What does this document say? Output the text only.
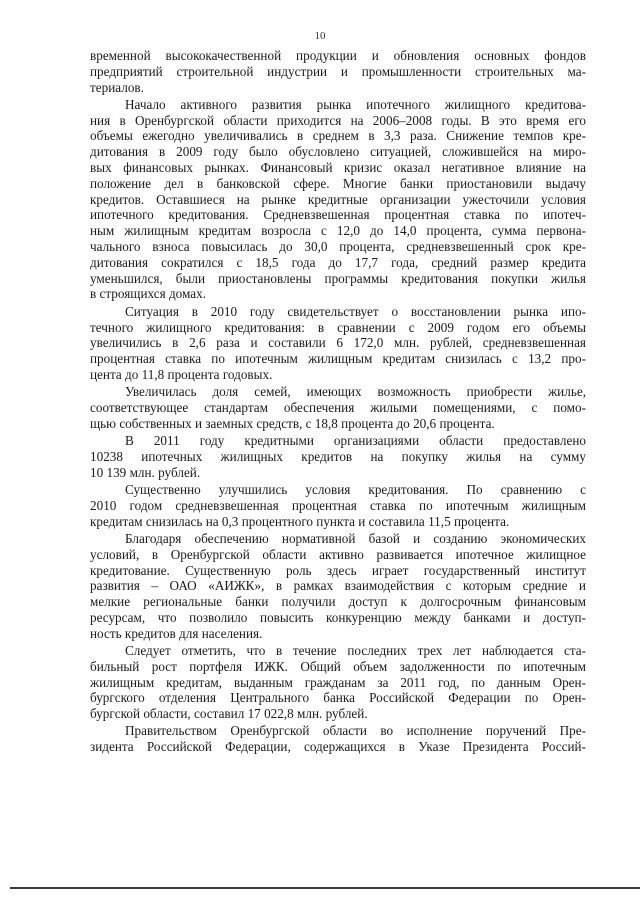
10
временной высококачественной продукции и обновления основных фондов
предприятий строительной индустрии и промышленности строительных ма-
териалов.
Начало активного развития рынка ипотечного жилищного кредитова-
ния в Оренбургской области приходится на 2006–2008 годы. В это время его
объемы ежегодно увеличивались в среднем в 3,3 раза. Снижение темпов кре-
дитования в 2009 году было обусловлено ситуацией, сложившейся на миро-
вых финансовых рынках. Финансовый кризис оказал негативное влияние на
положение дел в банковской сфере. Многие банки приостановили выдачу
кредитов. Оставшиеся на рынке кредитные организации ужесточили условия
ипотечного кредитования. Средневзвешенная процентная ставка по ипотеч-
ным жилищным кредитам возросла с 12,0 до 14,0 процента, сумма первона-
чального взноса повысилась до 30,0 процента, средневзвешенный срок кре-
дитования сократился с 18,5 года до 17,7 года, средний размер кредита
уменьшился, были приостановлены программы кредитования покупки жилья
в строящихся домах.
Ситуация в 2010 году свидетельствует о восстановлении рынка ипо-
течного жилищного кредитования: в сравнении с 2009 годом его объемы
увеличились в 2,6 раза и составили 6 172,0 млн. рублей, средневзвешенная
процентная ставка по ипотечным жилищным кредитам снизилась с 13,2 про-
цента до 11,8 процента годовых.
Увеличилась доля семей, имеющих возможность приобрести жилье,
соответствующее стандартам обеспечения жилыми помещениями, с помо-
щью собственных и заемных средств, с 18,8 процента до 20,6 процента.
В 2011 году кредитными организациями области предоставлено
10238 ипотечных жилищных кредитов на покупку жилья на сумму
10 139 млн. рублей.
Существенно улучшились условия кредитования. По сравнению с
2010 годом средневзвешенная процентная ставка по ипотечным жилищным
кредитам снизилась на 0,3 процентного пункта и составила 11,5 процента.
Благодаря обеспечению нормативной базой и созданию экономических
условий, в Оренбургской области активно развивается ипотечное жилищное
кредитование. Существенную роль здесь играет государственный институт
развития – ОАО «АИЖК», в рамках взаимодействия с которым средние и
мелкие региональные банки получили доступ к долгосрочным финансовым
ресурсам, что позволило повысить конкуренцию между банками и доступ-
ность кредитов для населения.
Следует отметить, что в течение последних трех лет наблюдается ста-
бильный рост портфеля ИЖК. Общий объем задолженности по ипотечным
жилищным кредитам, выданным гражданам за 2011 год, по данным Орен-
бургского отделения Центрального банка Российской Федерации по Орен-
бургской области, составил 17 022,8 млн. рублей.
Правительством Оренбургской области во исполнение поручений Пре-
зидента Российской Федерации, содержащихся в Указе Президента Россий-
